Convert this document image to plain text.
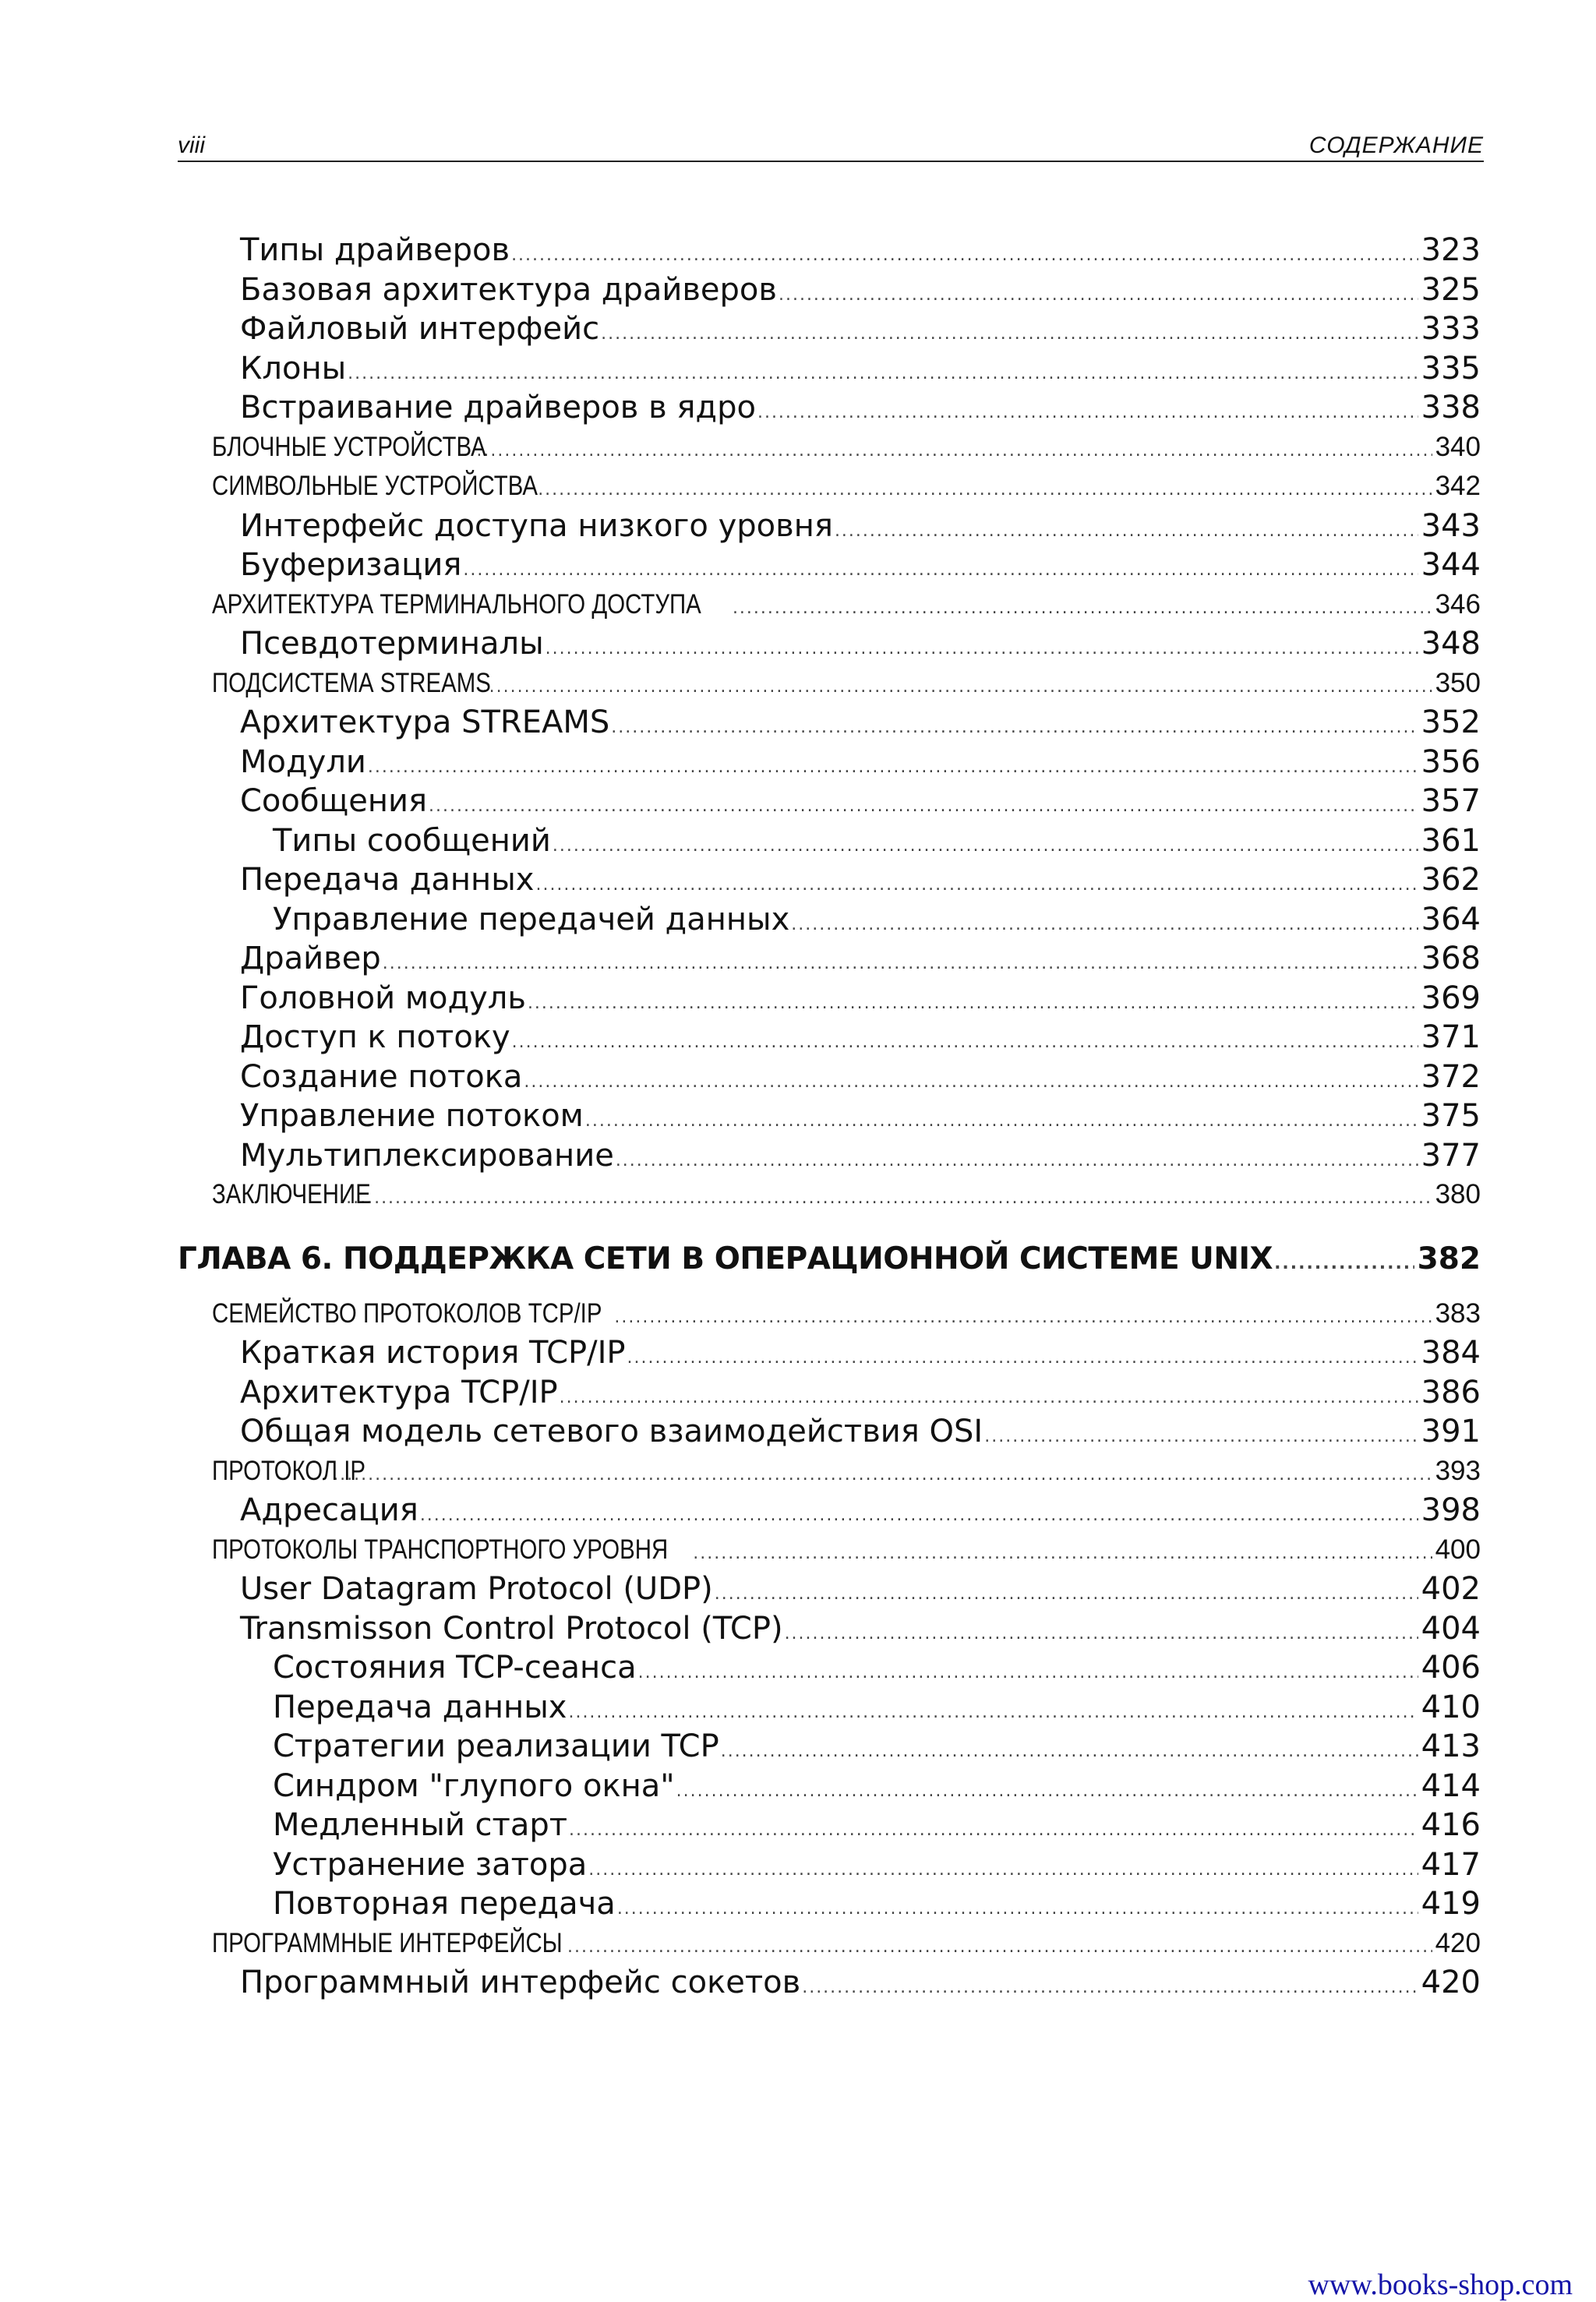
viii	СОДЕРЖАНИЕ
Типы драйверов .....	323
Базовая архитектура драйверов .....	325
Файловый интерфейс .....	333
Клоны .....	335
Встраивание драйверов в ядро .....	338
БЛОЧНЫЕ УСТРОЙСТВА .....	340
СИМВОЛЬНЫЕ УСТРОЙСТВА .....	342
Интерфейс доступа низкого уровня .....	343
Буферизация .....	344
АРХИТЕКТУРА ТЕРМИНАЛЬНОГО ДОСТУПА .....	346
Псевдотерминалы .....	348
ПОДСИСТЕМА STREAMS .....	350
Архитектура STREAMS .....	352
Модули .....	356
Сообщения .....	357
Типы сообщений .....	361
Передача данных .....	362
Управление передачей данных .....	364
Драйвер .....	368
Головной модуль .....	369
Доступ к потоку .....	371
Создание потока .....	372
Управление потоком .....	375
Мультиплексирование .....	377
ЗАКЛЮЧЕНИЕ .....	380
ГЛАВА 6. ПОДДЕРЖКА СЕТИ В ОПЕРАЦИОННОЙ СИСТЕМЕ UNIX .....	382
СЕМЕЙСТВО ПРОТОКОЛОВ TCP/IP .....	383
Краткая история TCP/IP .....	384
Архитектура TCP/IP .....	386
Общая модель сетевого взаимодействия OSI .....	391
ПРОТОКОЛ IP .....	393
Адресация .....	398
ПРОТОКОЛЫ ТРАНСПОРТНОГО УРОВНЯ .....	400
User Datagram Protocol (UDP) .....	402
Transmisson Control Protocol (TCP) .....	404
Состояния TCP-сеанса .....	406
Передача данных .....	410
Стратегии реализации TCP .....	413
Синдром "глупого окна" .....	414
Медленный старт .....	416
Устранение затора .....	417
Повторная передача .....	419
ПРОГРАММНЫЕ ИНТЕРФЕЙСЫ .....	420
Программный интерфейс сокетов .....	420
www.books-shop.com
